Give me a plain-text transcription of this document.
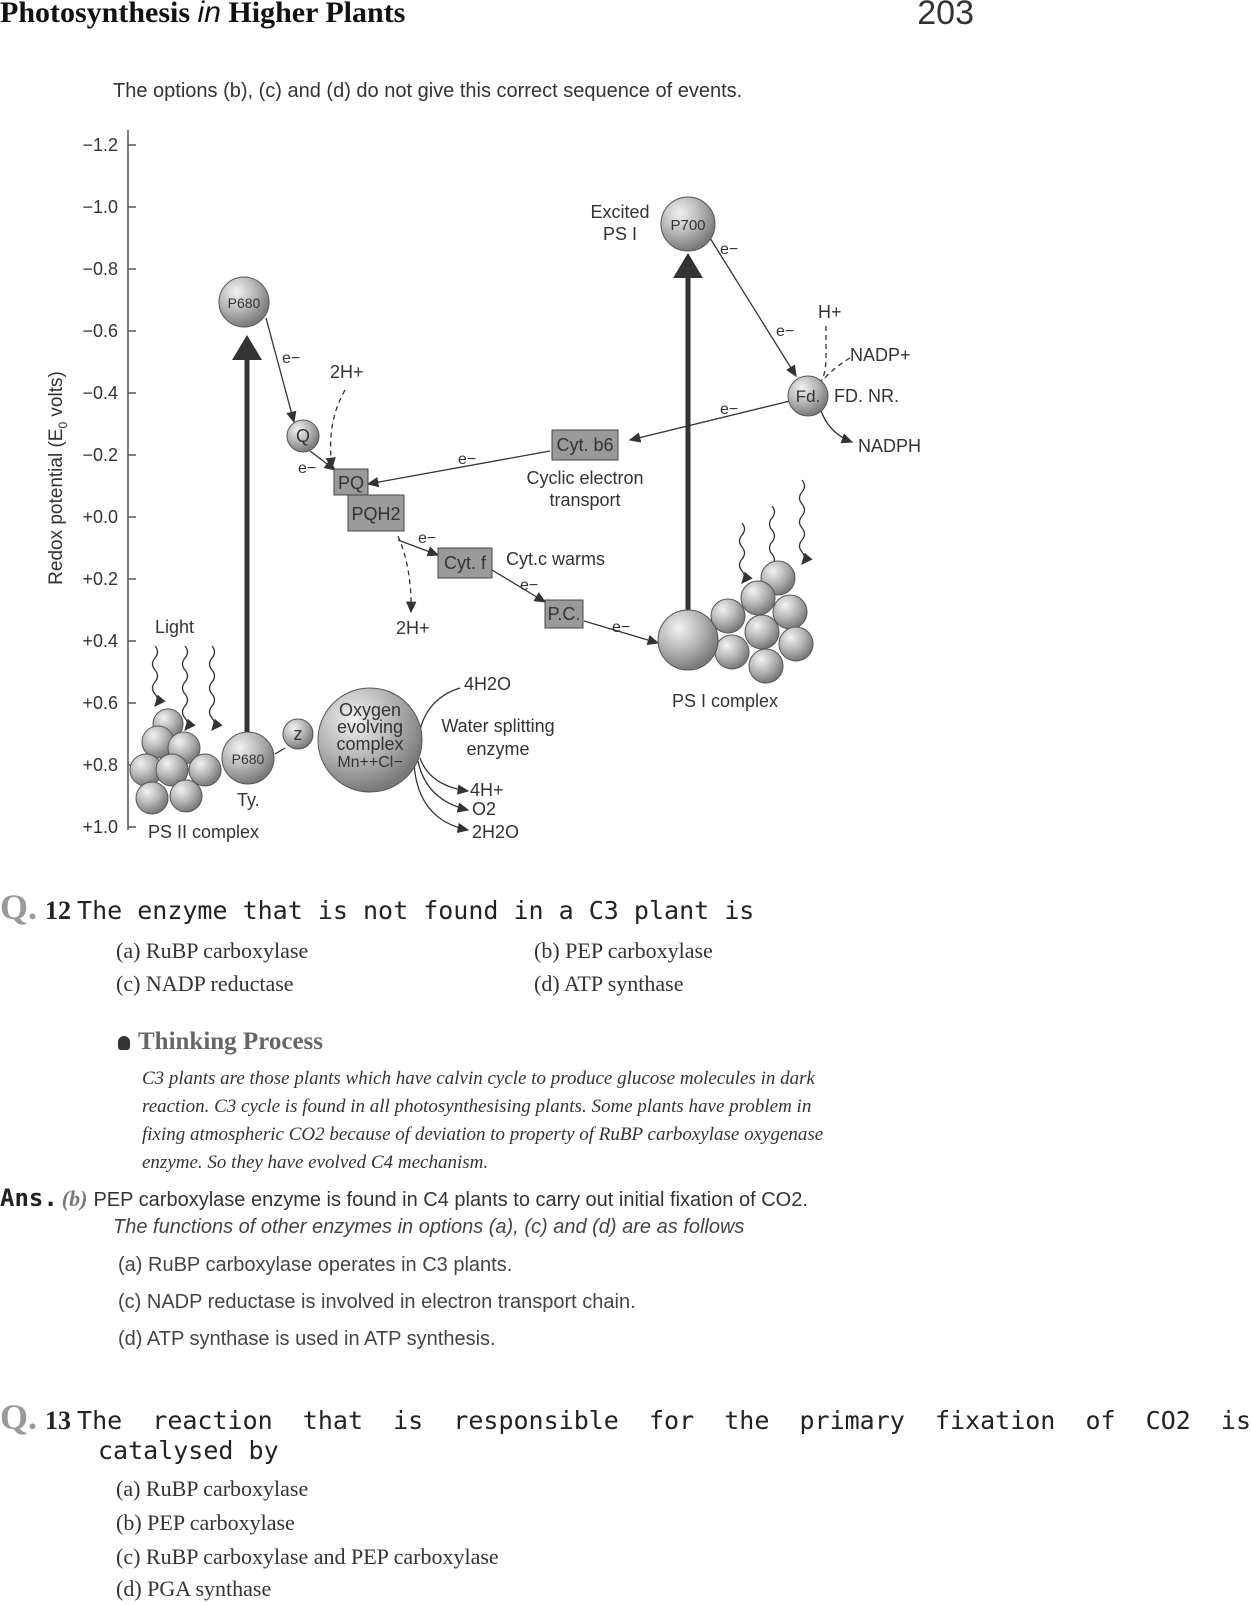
Photosynthesis in Higher Plants	203
The options (b), (c) and (d) do not give this correct sequence of events.
−1.2
−1.0
−0.8
−0.6
−0.4
−0.2
+0.0
+0.2
+0.4
+0.6
+0.8
+1.0
Redox potential ($E_0$ volts)
P680
P680
P700
Excited
PS I
Q
z
PQ
PQH2
Cyt. f
Cyt. b6
P.C.
Fd. FD. NR.
NADP+
NADPH
H+
2H+
2H+
e−
e−
e−
e−
e−
e−
e−
e−
e−
Cyclic electron
transport
Cyt.c warms
Light
Ty.
PS II complex
PS I complex
Oxygen
evolving
complex
Mn++Cl−
4H2O
Water splitting
enzyme
4H+
O2
2H2O
Q. 12 The enzyme that is not found in a C3 plant is
(a) RuBP carboxylase	(b) PEP carboxylase
(c) NADP reductase	(d) ATP synthase
Thinking Process
C3 plants are those plants which have calvin cycle to produce glucose molecules in dark
reaction. C3 cycle is found in all photosynthesising plants. Some plants have problem in
fixing atmospheric CO2 because of deviation to property of RuBP carboxylase oxygenase
enzyme. So they have evolved C4 mechanism.
Ans. (b) PEP carboxylase enzyme is found in C4 plants to carry out initial fixation of CO2.
The functions of other enzymes in options (a), (c) and (d) are as follows
(a) RuBP carboxylase operates in C3 plants.
(c) NADP reductase is involved in electron transport chain.
(d) ATP synthase is used in ATP synthesis.
Q. 13 The  reaction  that  is  responsible  for  the  primary  fixation  of  CO2  is
catalysed by
(a) RuBP carboxylase
(b) PEP carboxylase
(c) RuBP carboxylase and PEP carboxylase
(d) PGA synthase
